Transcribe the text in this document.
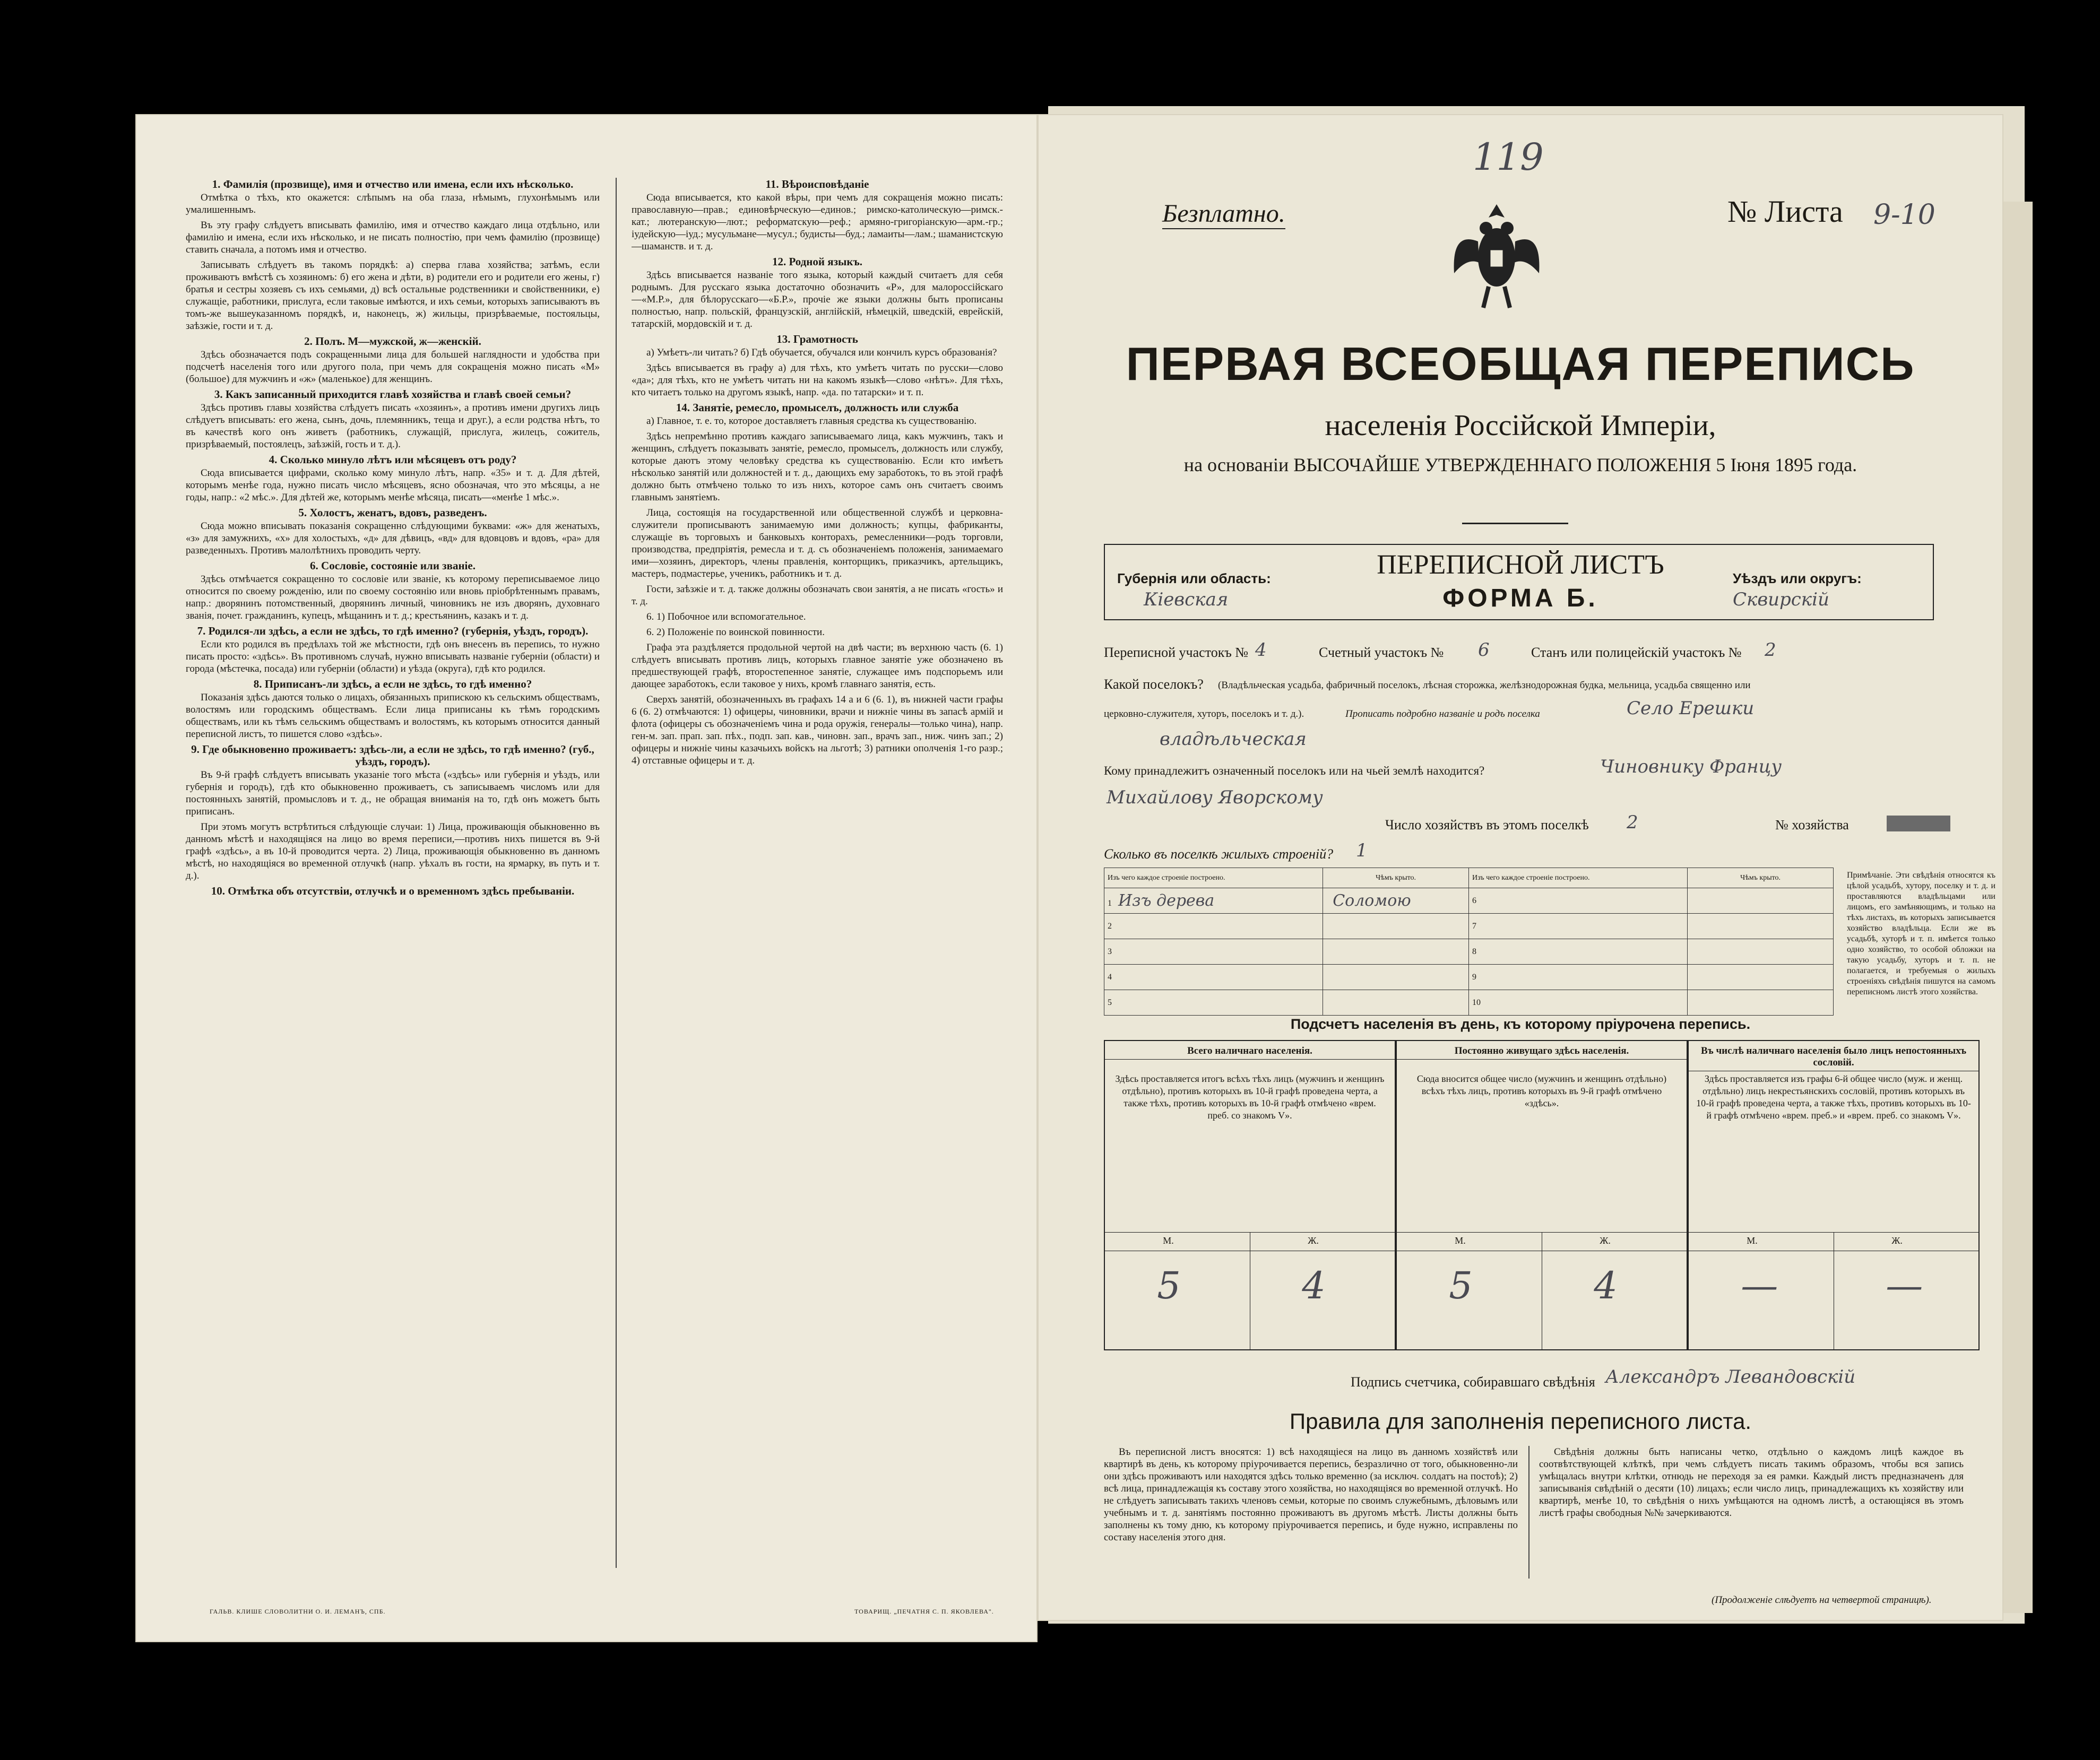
1. Фамилія (прозвище), имя и отчество или имена, если ихъ нѣсколько.

Отмѣтка о тѣхъ, кто окажется: слѣпымъ на оба глаза, нѣмымъ, глухонѣмымъ или умалишеннымъ.

Въ эту графу слѣдуетъ вписывать фамилію, имя и отчество каждаго лица отдѣльно, или фамилію и имена, если ихъ нѣсколько, и не писать полностію, при чемъ фамилію (прозвище) ставить сначала, а потомъ имя и отчество.

Записывать слѣдуетъ въ такомъ порядкѣ: а) сперва глава хозяйства; затѣмъ, если проживаютъ вмѣстѣ съ хозяиномъ: б) его жена и дѣти, в) родители его и родители его жены, г) братья и сестры хозяевъ съ ихъ семьями, д) всѣ остальные родственники и свойственники, е) служащіе, работники, прислуга, если таковые имѣются, и ихъ семьи, которыхъ записываютъ въ томъ-же вышеуказанномъ порядкѣ, и, наконецъ, ж) жильцы, призрѣваемые, постояльцы, заѣзжіе, гости и т. д.

2. Полъ. М—мужской, ж—женскій.

Здѣсь обозначается подъ сокращенными лица для большей наглядности и удобства при подсчетѣ населенія того или другого пола, при чемъ для сокращенія можно писать «М» (большое) для мужчинъ и «ж» (маленькое) для женщинъ.

3. Какъ записанный приходится главѣ хозяйства и главѣ своей семьи?

Здѣсь противъ главы хозяйства слѣдуетъ писать «хозяинъ», а противъ имени другихъ лицъ слѣдуетъ вписывать: его жена, сынъ, дочь, племянникъ, теща и друг.), а если родства нѣтъ, то въ качествѣ кого онъ живетъ (работникъ, служащій, прислуга, жилецъ, сожитель, призрѣваемый, постоялецъ, заѣзжій, гость и т. д.).

4. Сколько минуло лѣтъ или мѣсяцевъ отъ роду?

Сюда вписывается цифрами, сколько кому минуло лѣтъ, напр. «35» и т. д. Для дѣтей, которымъ менѣе года, нужно писать число мѣсяцевъ, ясно обозначая, что это мѣсяцы, а не годы, напр.: «2 мѣс.». Для дѣтей же, которымъ менѣе мѣсяца, писать—«менѣе 1 мѣс.».

5. Холостъ, женатъ, вдовъ, разведенъ.

Сюда можно вписывать показанія сокращенно слѣдующими буквами: «ж» для женатыхъ, «з» для замужнихъ, «х» для холостыхъ, «д» для дѣвицъ, «вд» для вдовцовъ и вдовъ, «ра» для разведенныхъ. Противъ малолѣтнихъ проводить черту.

6. Сословіе, состояніе или званіе.

Здѣсь отмѣчается сокращенно то сословіе или званіе, къ которому переписываемое лицо относится по своему рожденію, или по своему состоянію или вновь пріобрѣтеннымъ правамъ, напр.: дворянинъ потомственный, дворянинъ личный, чиновникъ не изъ дворянъ, духовнаго званія, почет. гражданинъ, купецъ, мѣщанинъ и т. д.; крестьянинъ, казакъ и т. д.

7. Родился-ли здѣсь, а если не здѣсь, то гдѣ именно? (губернія, уѣздъ, городъ).

Если кто родился въ предѣлахъ той же мѣстности, гдѣ онъ внесенъ въ перепись, то нужно писать просто: «здѣсь». Въ противномъ случаѣ, нужно вписывать названіе губерніи (области) и города (мѣстечка, посада) или губерніи (области) и уѣзда (округа), гдѣ кто родился.

8. Приписанъ-ли здѣсь, а если не здѣсь, то гдѣ именно?

Показанія здѣсь даются только о лицахъ, обязанныхъ припискою къ сельскимъ обществамъ, волостямъ или городскимъ обществамъ. Если лица приписаны къ тѣмъ городскимъ обществамъ, или къ тѣмъ сельскимъ обществамъ и волостямъ, къ которымъ относится данный переписной листъ, то пишется слово «здѣсь».

9. Где обыкновенно проживаетъ: здѣсь-ли, а если не здѣсь, то гдѣ именно? (губ., уѣздъ, городъ).

Въ 9-й графѣ слѣдуетъ вписывать указаніе того мѣста («здѣсь» или губернія и уѣздъ, или губернія и городъ), гдѣ кто обыкновенно проживаетъ, съ записываемъ числомъ или для постоянныхъ занятій, промысловъ и т. д., не обращая вниманія на то, гдѣ онъ можетъ быть приписанъ.

При этомъ могутъ встрѣтиться слѣдующіе случаи: 1) Лица, проживающія обыкновенно въ данномъ мѣстѣ и находящіяся на лицо во время переписи,—противъ нихъ пишется въ 9-й графѣ «здѣсь», а въ 10-й проводится черта. 2) Лица, проживающія обыкновенно въ данномъ мѣстѣ, но находящіяся во временной отлучкѣ (напр. уѣхалъ въ гости, на ярмарку, въ путь и т. д.).

10. Отмѣтка объ отсутствіи, отлучкѣ и о временномъ здѣсь пребываніи.
11. Вѣроисповѣданіе

Сюда вписывается, кто какой вѣры, при чемъ для сокращенія можно писать: православную—прав.; единовѣрческую—единов.; римско-католическую—римск.-кат.; лютеранскую—лют.; реформатскую—реф.; армяно-григоріанскую—арм.-гр.; іудейскую—іуд.; мусульмане—мусул.; будисты—буд.; ламаиты—лам.; шаманистскую—шаманств. и т. д.

12. Родной языкъ.

Здѣсь вписывается названіе того языка, который каждый считаетъ для себя роднымъ. Для русскаго языка достаточно обозначить «Р», для малороссійскаго—«М.Р.», для бѣлорусскаго—«Б.Р.», прочіе же языки должны быть прописаны полностью, напр. польскій, французскій, англійскій, нѣмецкій, шведскій, еврейскій, татарскій, мордовскій и т. д.

13. Грамотность

а) Умѣетъ-ли читать? б) Гдѣ обучается, обучался или кончилъ курсъ образованія?

Здѣсь вписывается въ графу а) для тѣхъ, кто умѣетъ читать по русски—слово «да»; для тѣхъ, кто не умѣетъ читать ни на какомъ языкѣ—слово «нѣтъ». Для тѣхъ, кто читаетъ только на другомъ языкѣ, напр. «да. по татарски» и т. п.

14. Занятіе, ремесло, промыселъ, должность или служба

а) Главное, т. е. то, которое доставляетъ главныя средства къ существованію.

Здѣсь непремѣнно противъ каждаго записываемаго лица, какъ мужчинъ, такъ и женщинъ, слѣдуетъ показывать занятіе, ремесло, промыселъ, должность или службу, которые даютъ этому человѣку средства къ существованію. Если кто имѣетъ нѣсколько занятій или должностей и т. д., дающихъ ему заработокъ, то въ этой графѣ должно быть отмѣчено только то изъ нихъ, которое самъ онъ считаетъ своимъ главнымъ занятіемъ.

Лица, состоящія на государственной или общественной службѣ и церковна-служители прописываютъ занимаемую ими должность; купцы, фабриканты, служащіе въ торговыхъ и банковыхъ конторахъ, ремесленники—родъ торговли, производства, предпріятія, ремесла и т. д. съ обозначеніемъ положенія, занимаемаго ими—хозяинъ, директоръ, члены правленія, конторщикъ, приказчикъ, артельщикъ, мастеръ, подмастерье, ученикъ, работникъ и т. д.

Гости, заѣзжіе и т. д. также должны обозначать свои занятія, а не писать «гость» и т. д.

6. 1) Побочное или вспомогательное.

6. 2) Положеніе по воинской повинности.

Графа эта раздѣляется продольной чертой на двѣ части; въ верхнюю часть (6. 1) слѣдуетъ вписывать противъ лицъ, которыхъ главное занятіе уже обозначено въ предшествующей графѣ, второстепенное занятіе, служащее имъ подспорьемъ или дающее заработокъ, если таковое у нихъ, кромѣ главнаго занятія, есть.

Сверхъ занятій, обозначенныхъ въ графахъ 14 а и 6 (6. 1), въ нижней части графы 6 (6. 2) отмѣчаются: 1) офицеры, чиновники, врачи и нижніе чины въ запасѣ армій и флота (офицеры съ обозначеніемъ чина и рода оружія, генералы—только чина), напр. ген-м. зап. прап. зап. пѣх., подп. зап. кав., чиновн. зап., врачъ зап., ниж. чинъ зап.; 2) офицеры и нижніе чины казачьихъ войскъ на льготѣ; 3) ратники ополченія 1-го разр.; 4) отставные офицеры и т. д.

ГАЛЬВ. КЛИШЕ СЛОВОЛИТНИ О. И. ЛЕМАНЪ, СПБ.	ТОВАРИЩ. „ПЕЧАТНЯ С. П. ЯКОВЛЕВА".
119
Безплатно.	№ Листа 9-10
ПЕРВАЯ ВСЕОБЩАЯ ПЕРЕПИСЬ
населенія Россійской Имперіи,
на основаніи ВЫСОЧАЙШЕ УТВЕРЖДЕННАГО ПОЛОЖЕНІЯ 5 Іюня 1895 года.
Губернія или область:
Кіевская
ПЕРЕПИСНОЙ ЛИСТЪ
ФОРМА Б.
Уѣздъ или округъ:
Сквирскій
Переписной участокъ № 4	Счетный участокъ № 6	Станъ или полицейскій участокъ № 2
Какой поселокъ? (Владѣльческая усадьба, фабричный поселокъ, лѣсная сторожка, желѣзнодорожная будка, мельница, усадьба священно или
церковно-служителя, хуторъ, поселокъ и т. д.).	Прописать подробно названіе и родъ поселка	Село Ерешки
владѣльческая
Кому принадлежитъ означенный поселокъ или на чьей землѣ находится?	Чиновнику Францу
Михайлову Яворскому
Число хозяйствъ въ этомъ поселкѣ 2	№ хозяйства
Сколько въ поселкѣ жилыхъ строеній? 1
Изъ чего каждое строеніе построено.	Чѣмъ крыто.	Изъ чего каждое строеніе построено.	Чѣмъ крыто.
1 Изъ дерева	Соломою	6	
2		7	
3		8	
4		9	
5		10	
Примѣчаніе. Эти свѣдѣнія относятся къ цѣлой усадьбѣ, хутору, поселку и т. д. и проставляются владѣльцами или лицомъ, его замѣняющимъ, и только на тѣхъ листахъ, въ которыхъ записывается хозяйство владѣльца. Если же въ усадьбѣ, хуторѣ и т. п. имѣется только одно хозяйство, то особой обложки на такую усадьбу, хуторъ и т. п. не полагается, и требуемыя о жилыхъ строеніяхъ свѣдѣнія пишутся на самомъ переписномъ листѣ этого хозяйства.
Подсчетъ населенія въ день, къ которому пріурочена перепись.
Всего наличнаго населенія.
Здѣсь проставляется итогъ всѣхъ тѣхъ лицъ (мужчинъ и женщинъ отдѣльно), противъ которыхъ въ 10-й графѣ проведена черта, а также тѣхъ, противъ которыхъ въ 10-й графѣ отмѣчено «врем. преб. со знакомъ V».
М.	Ж.
5	4
Постоянно живущаго здѣсь населенія.
Сюда вносится общее число (мужчинъ и женщинъ отдѣльно) всѣхъ тѣхъ лицъ, противъ которыхъ въ 9-й графѣ отмѣчено «здѣсь».
М.	Ж.
5	4
Въ числѣ наличнаго населенія было лицъ непостоянныхъ сословій.
Здѣсь проставляется изъ графы 6-й общее число (муж. и женщ. отдѣльно) лицъ некрестьянскихъ сословій, противъ которыхъ въ 10-й графѣ проведена черта, а также тѣхъ, противъ которыхъ въ 10-й графѣ отмѣчено «врем. преб.» и «врем. преб. со знакомъ V».
М.	Ж.
—	—
Подпись счетчика, собиравшаго свѣдѣнія Александръ Левандовскій
Правила для заполненія переписного листа.
Въ переписной листъ вносятся: 1) всѣ находящіеся на лицо въ данномъ хозяйствѣ или квартирѣ въ день, къ которому пріурочивается перепись, безразлично от того, обыкновенно-ли они здѣсь проживаютъ или находятся здѣсь только временно (за исключ. солдатъ на постоѣ); 2) всѣ лица, принадлежащія къ составу этого хозяйства, но находящіяся во временной отлучкѣ. Но не слѣдуетъ записывать такихъ членовъ семьи, которые по своимъ служебнымъ, дѣловымъ или учебнымъ и т. д. занятіямъ постоянно проживаютъ въ другомъ мѣстѣ. Листы должны быть заполнены къ тому дню, къ которому пріурочивается перепись, и буде нужно, исправлены по составу населенія этого дня.
Свѣдѣнія должны быть написаны четко, отдѣльно о каждомъ лицѣ каждое въ соотвѣтствующей клѣткѣ, при чемъ слѣдуетъ писать такимъ образомъ, чтобы вся запись умѣщалась внутри клѣтки, отнюдь не переходя за ея рамки. Каждый листъ предназначенъ для записыванія свѣдѣній о десяти (10) лицахъ; если число лицъ, принадлежащихъ къ хозяйству или квартирѣ, менѣе 10, то свѣдѣнія о нихъ умѣщаются на одномъ листѣ, а остающіяся въ этомъ листѣ графы свободныя №№ зачеркиваются.
(Продолженіе слѣдуетъ на четвертой страницѣ).
